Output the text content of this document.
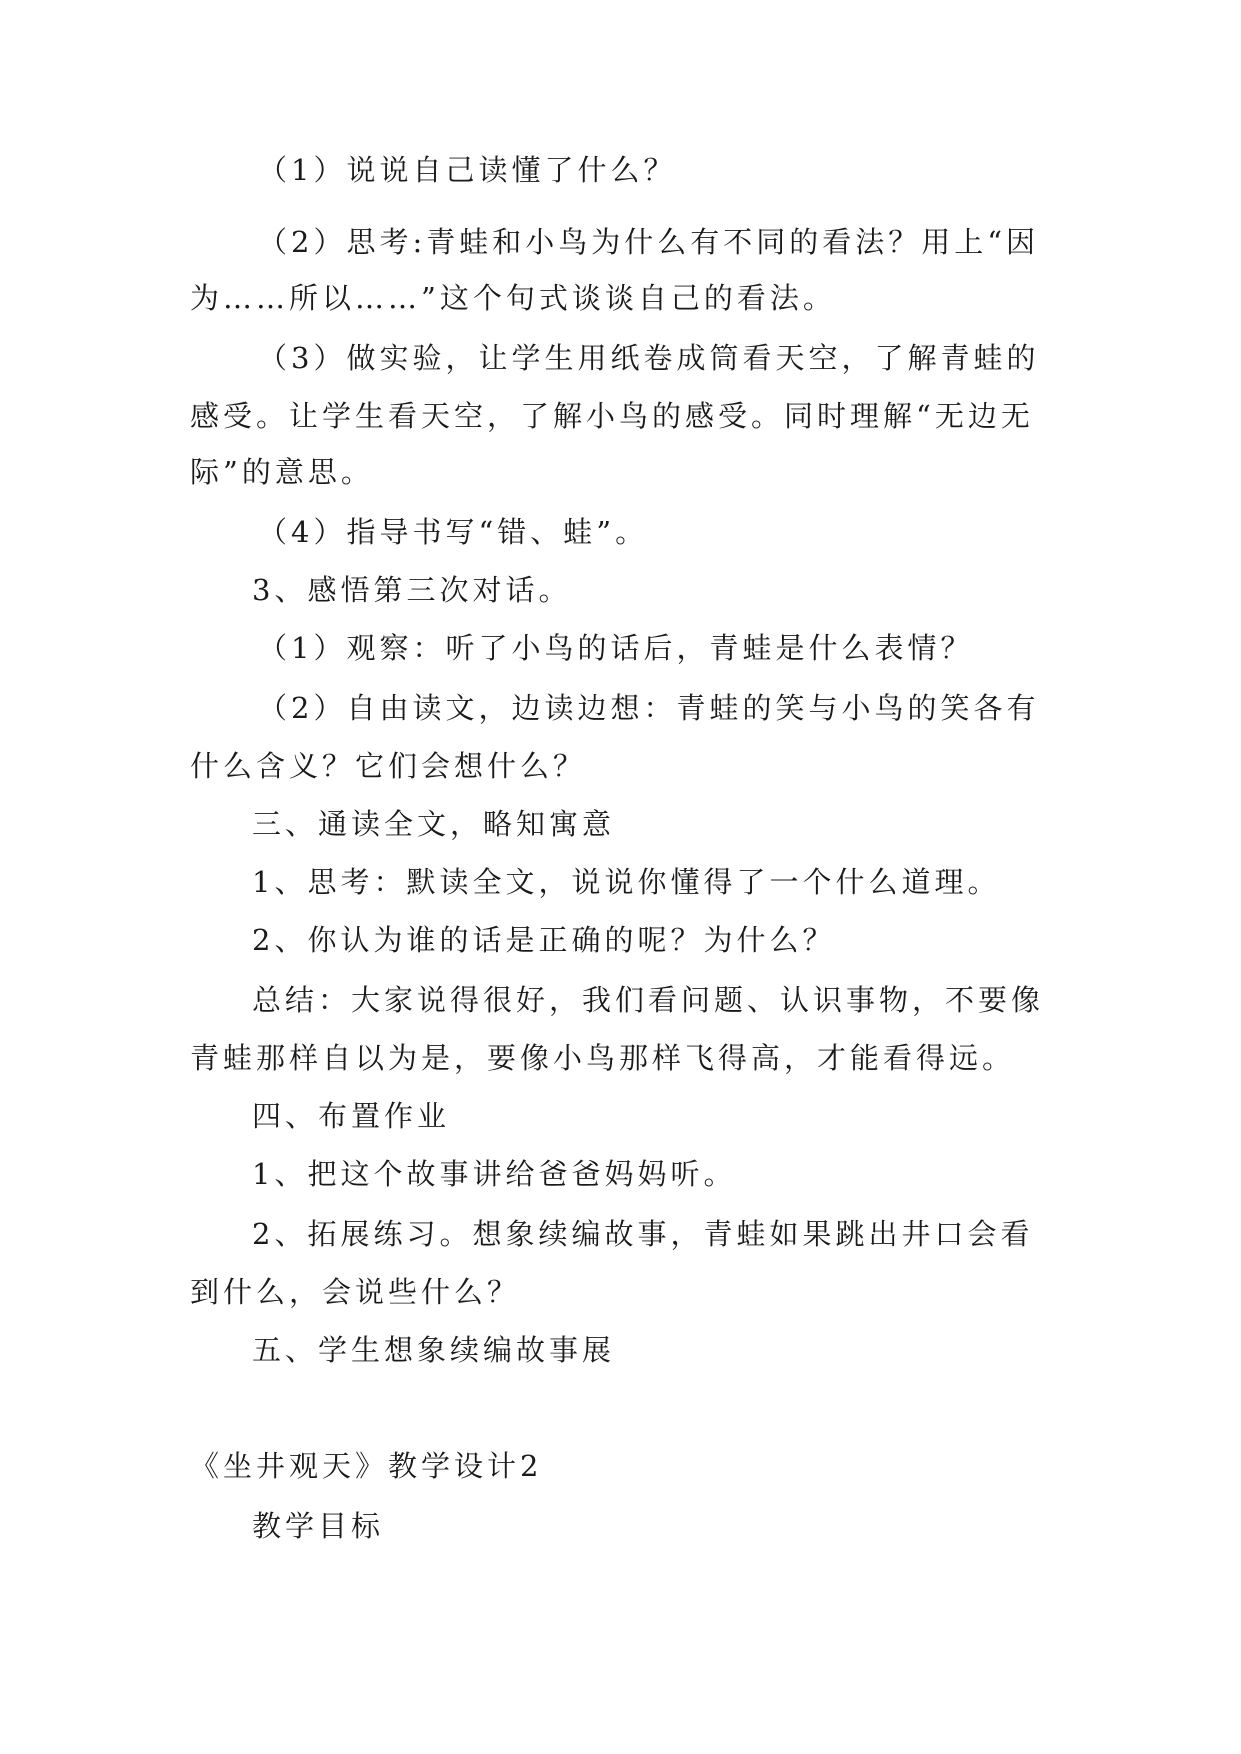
（1）说说自己读懂了什么？
（2）思考:青蛙和小鸟为什么有不同的看法？用上“因
为……所以……”这个句式谈谈自己的看法。
（3）做实验，让学生用纸卷成筒看天空，了解青蛙的
感受。让学生看天空，了解小鸟的感受。同时理解“无边无
际”的意思。
（4）指导书写“错、蛙”。
3、感悟第三次对话。
（1）观察：听了小鸟的话后，青蛙是什么表情？
（2）自由读文，边读边想：青蛙的笑与小鸟的笑各有
什么含义？它们会想什么？
三、通读全文，略知寓意
1、思考：默读全文，说说你懂得了一个什么道理。
2、你认为谁的话是正确的呢？为什么？
总结：大家说得很好，我们看问题、认识事物，不要像
青蛙那样自以为是，要像小鸟那样飞得高，才能看得远。
四、布置作业
1、把这个故事讲给爸爸妈妈听。
2、拓展练习。想象续编故事，青蛙如果跳出井口会看
到什么，会说些什么？
五、学生想象续编故事展
《坐井观天》教学设计2
教学目标
